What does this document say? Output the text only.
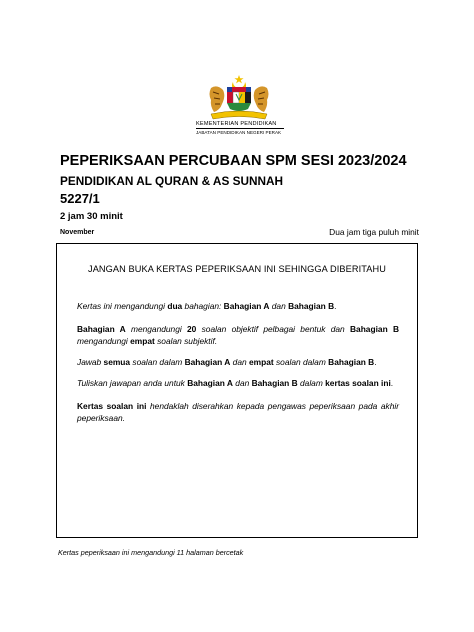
KEMENTERIAN PENDIDIKAN
JABATAN PENDIDIKAN NEGERI PERAK
PEPERIKSAAN PERCUBAAN SPM SESI 2023/2024
PENDIDIKAN AL QURAN & AS SUNNAH
5227/1
2 jam 30 minit
November	Dua jam tiga puluh minit
JANGAN BUKA KERTAS PEPERIKSAAN INI SEHINGGA DIBERITAHU
Kertas ini mengandungi dua bahagian: Bahagian A dan Bahagian B.
Bahagian A mengandungi 20 soalan objektif pelbagai bentuk dan Bahagian B mengandungi empat soalan subjektif.
Jawab semua soalan dalam Bahagian A dan empat soalan dalam Bahagian B.
Tuliskan jawapan anda untuk Bahagian A dan Bahagian B dalam kertas soalan ini.
Kertas soalan ini hendaklah diserahkan kepada pengawas peperiksaan pada akhir peperiksaan.
Kertas peperiksaan ini mengandungi 11 halaman bercetak
